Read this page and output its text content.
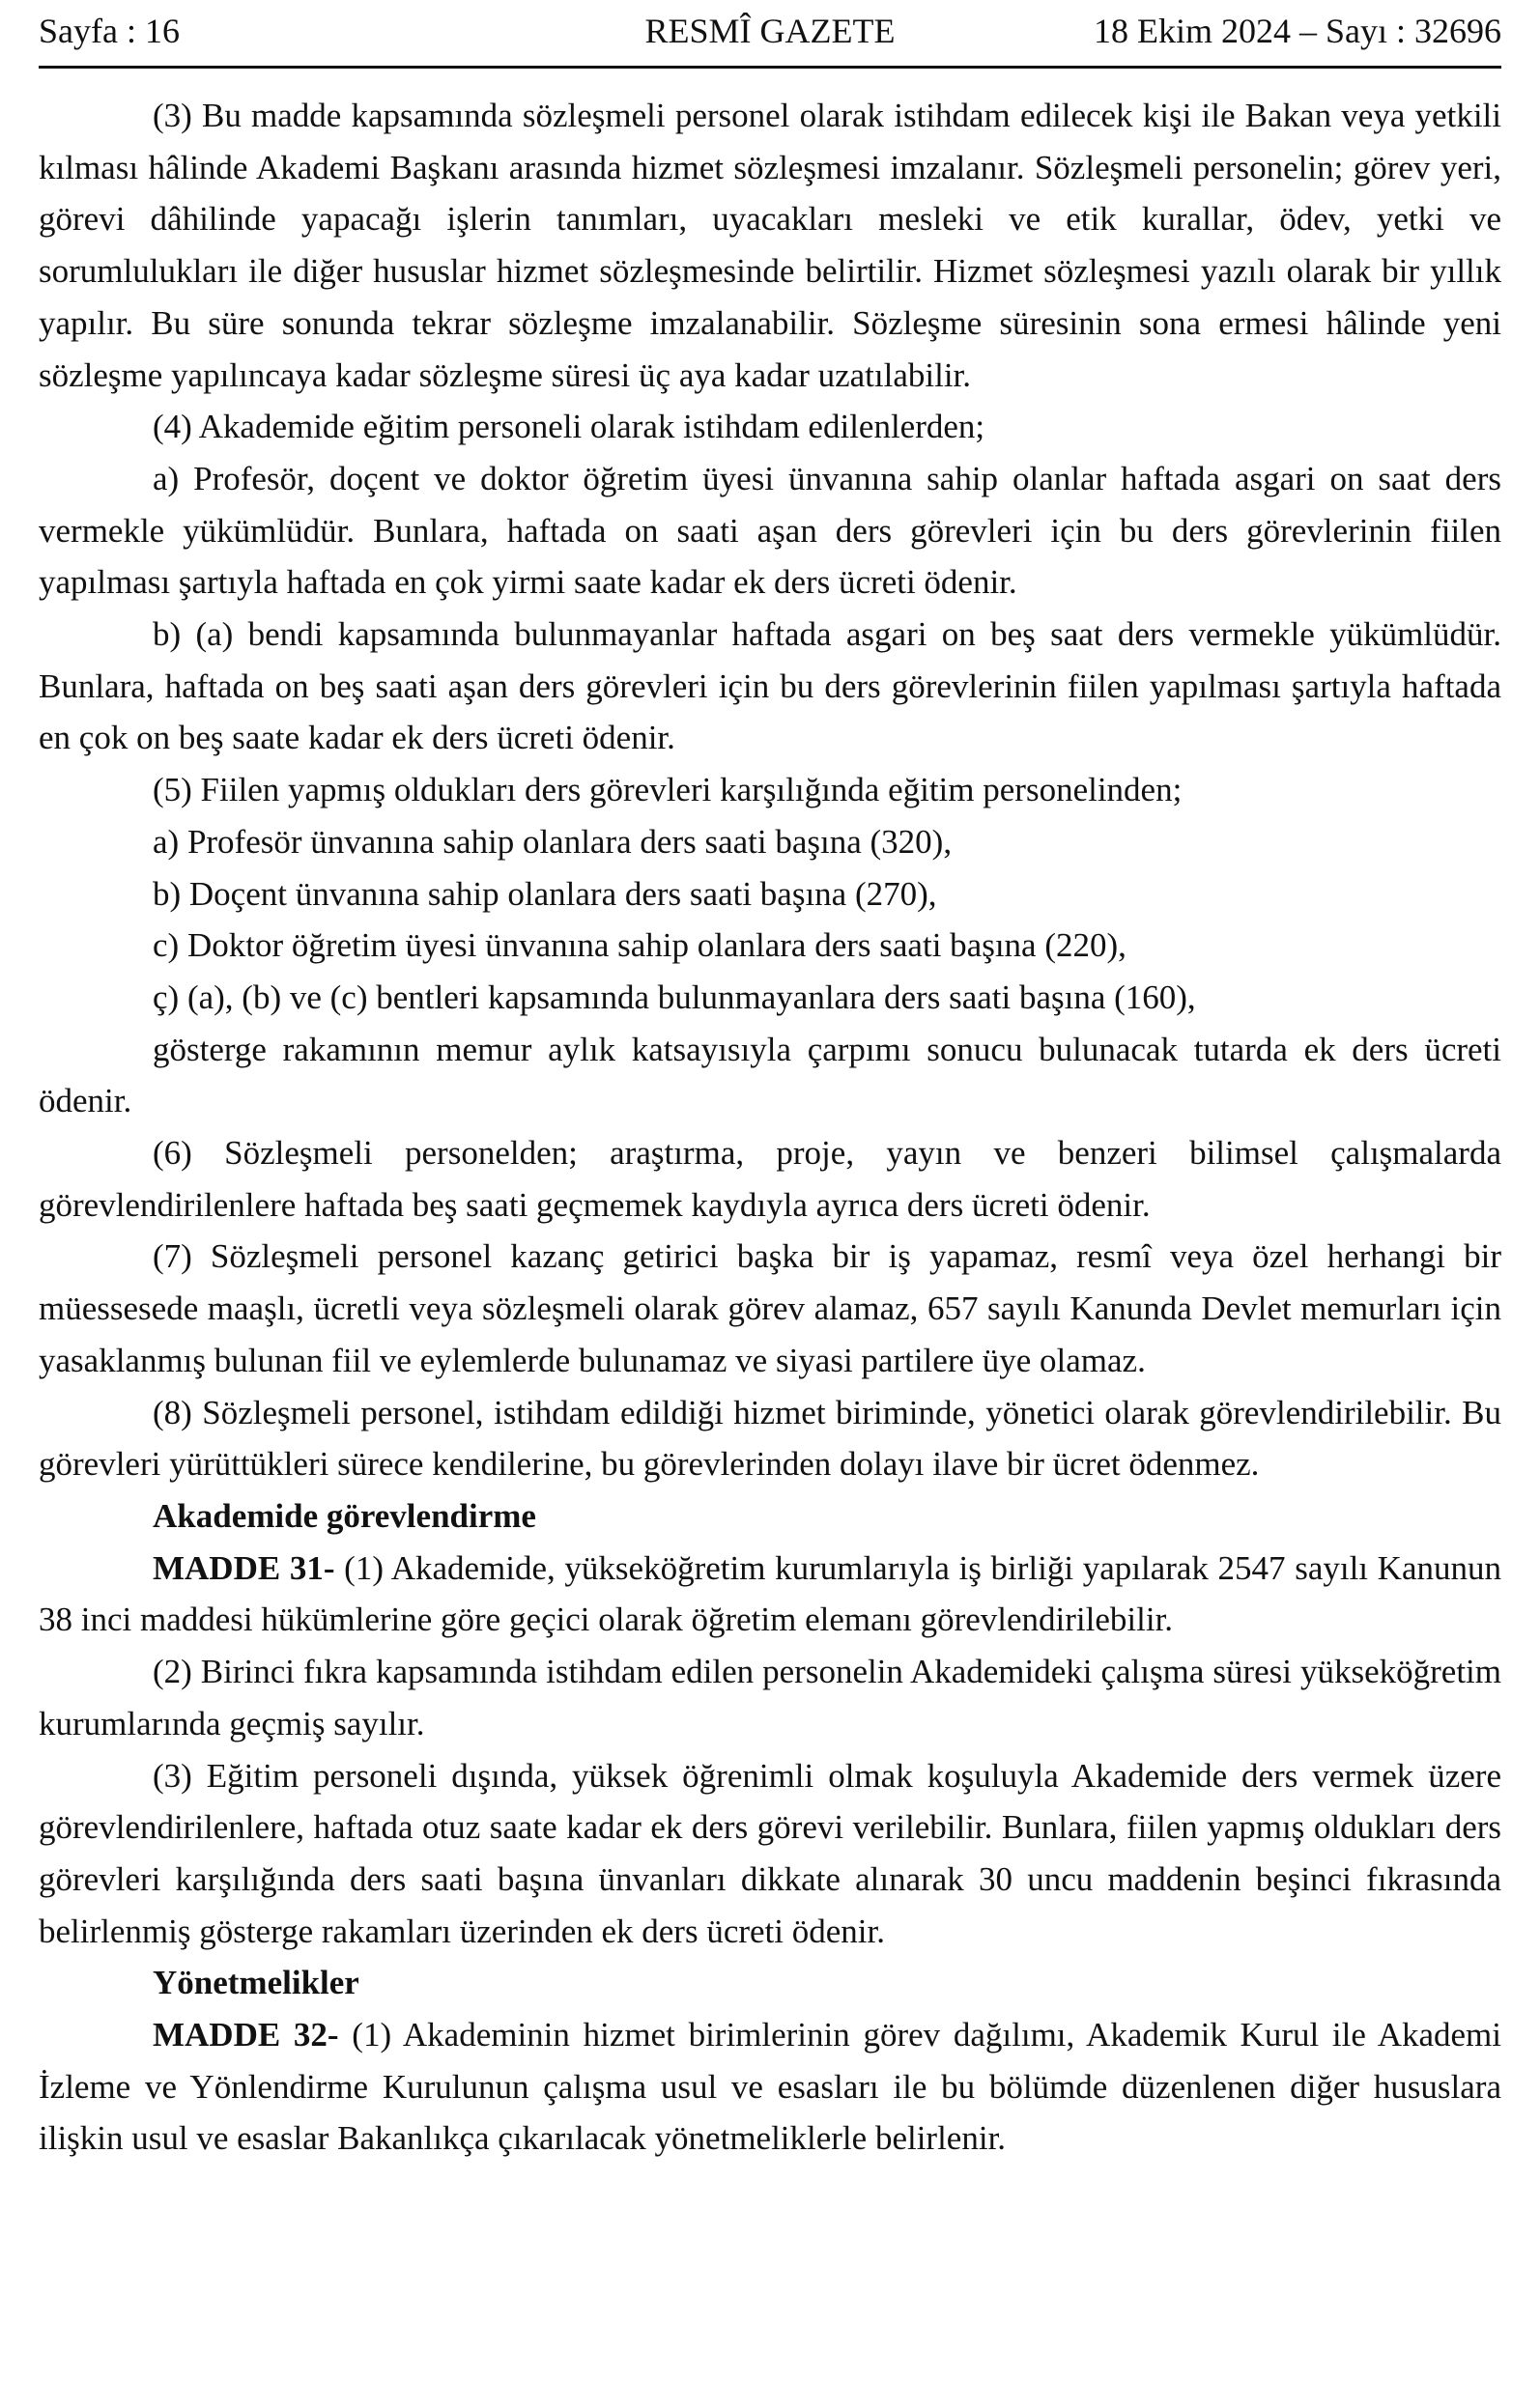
Sayfa : 16	RESMÎ GAZETE	18 Ekim 2024 – Sayı : 32696

(3) Bu madde kapsamında sözleşmeli personel olarak istihdam edilecek kişi ile Bakan veya yetkili kılması hâlinde Akademi Başkanı arasında hizmet sözleşmesi imzalanır. Sözleşmeli personelin; görev yeri, görevi dâhilinde yapacağı işlerin tanımları, uyacakları mesleki ve etik kurallar, ödev, yetki ve sorumlulukları ile diğer hususlar hizmet sözleşmesinde belirtilir. Hizmet sözleşmesi yazılı olarak bir yıllık yapılır. Bu süre sonunda tekrar sözleşme imzalanabilir. Sözleşme süresinin sona ermesi hâlinde yeni sözleşme yapılıncaya kadar sözleşme süresi üç aya kadar uzatılabilir.

(4) Akademide eğitim personeli olarak istihdam edilenlerden;

a) Profesör, doçent ve doktor öğretim üyesi ünvanına sahip olanlar haftada asgari on saat ders vermekle yükümlüdür. Bunlara, haftada on saati aşan ders görevleri için bu ders görevlerinin fiilen yapılması şartıyla haftada en çok yirmi saate kadar ek ders ücreti ödenir.

b) (a) bendi kapsamında bulunmayanlar haftada asgari on beş saat ders vermekle yükümlüdür. Bunlara, haftada on beş saati aşan ders görevleri için bu ders görevlerinin fiilen yapılması şartıyla haftada en çok on beş saate kadar ek ders ücreti ödenir.

(5) Fiilen yapmış oldukları ders görevleri karşılığında eğitim personelinden;

a) Profesör ünvanına sahip olanlara ders saati başına (320),

b) Doçent ünvanına sahip olanlara ders saati başına (270),

c) Doktor öğretim üyesi ünvanına sahip olanlara ders saati başına (220),

ç) (a), (b) ve (c) bentleri kapsamında bulunmayanlara ders saati başına (160),

gösterge rakamının memur aylık katsayısıyla çarpımı sonucu bulunacak tutarda ek ders ücreti ödenir.

(6) Sözleşmeli personelden; araştırma, proje, yayın ve benzeri bilimsel çalışmalarda görevlendirilenlere haftada beş saati geçmemek kaydıyla ayrıca ders ücreti ödenir.

(7) Sözleşmeli personel kazanç getirici başka bir iş yapamaz, resmî veya özel herhangi bir müessesede maaşlı, ücretli veya sözleşmeli olarak görev alamaz, 657 sayılı Kanunda Devlet memurları için yasaklanmış bulunan fiil ve eylemlerde bulunamaz ve siyasi partilere üye olamaz.

(8) Sözleşmeli personel, istihdam edildiği hizmet biriminde, yönetici olarak görevlendirilebilir. Bu görevleri yürüttükleri sürece kendilerine, bu görevlerinden dolayı ilave bir ücret ödenmez.

Akademide görevlendirme

MADDE 31- (1) Akademide, yükseköğretim kurumlarıyla iş birliği yapılarak 2547 sayılı Kanunun 38 inci maddesi hükümlerine göre geçici olarak öğretim elemanı görevlendirilebilir.

(2) Birinci fıkra kapsamında istihdam edilen personelin Akademideki çalışma süresi yükseköğretim kurumlarında geçmiş sayılır.

(3) Eğitim personeli dışında, yüksek öğrenimli olmak koşuluyla Akademide ders vermek üzere görevlendirilenlere, haftada otuz saate kadar ek ders görevi verilebilir. Bunlara, fiilen yapmış oldukları ders görevleri karşılığında ders saati başına ünvanları dikkate alınarak 30 uncu maddenin beşinci fıkrasında belirlenmiş gösterge rakamları üzerinden ek ders ücreti ödenir.

Yönetmelikler

MADDE 32- (1) Akademinin hizmet birimlerinin görev dağılımı, Akademik Kurul ile Akademi İzleme ve Yönlendirme Kurulunun çalışma usul ve esasları ile bu bölümde düzenlenen diğer hususlara ilişkin usul ve esaslar Bakanlıkça çıkarılacak yönetmeliklerle belirlenir.
